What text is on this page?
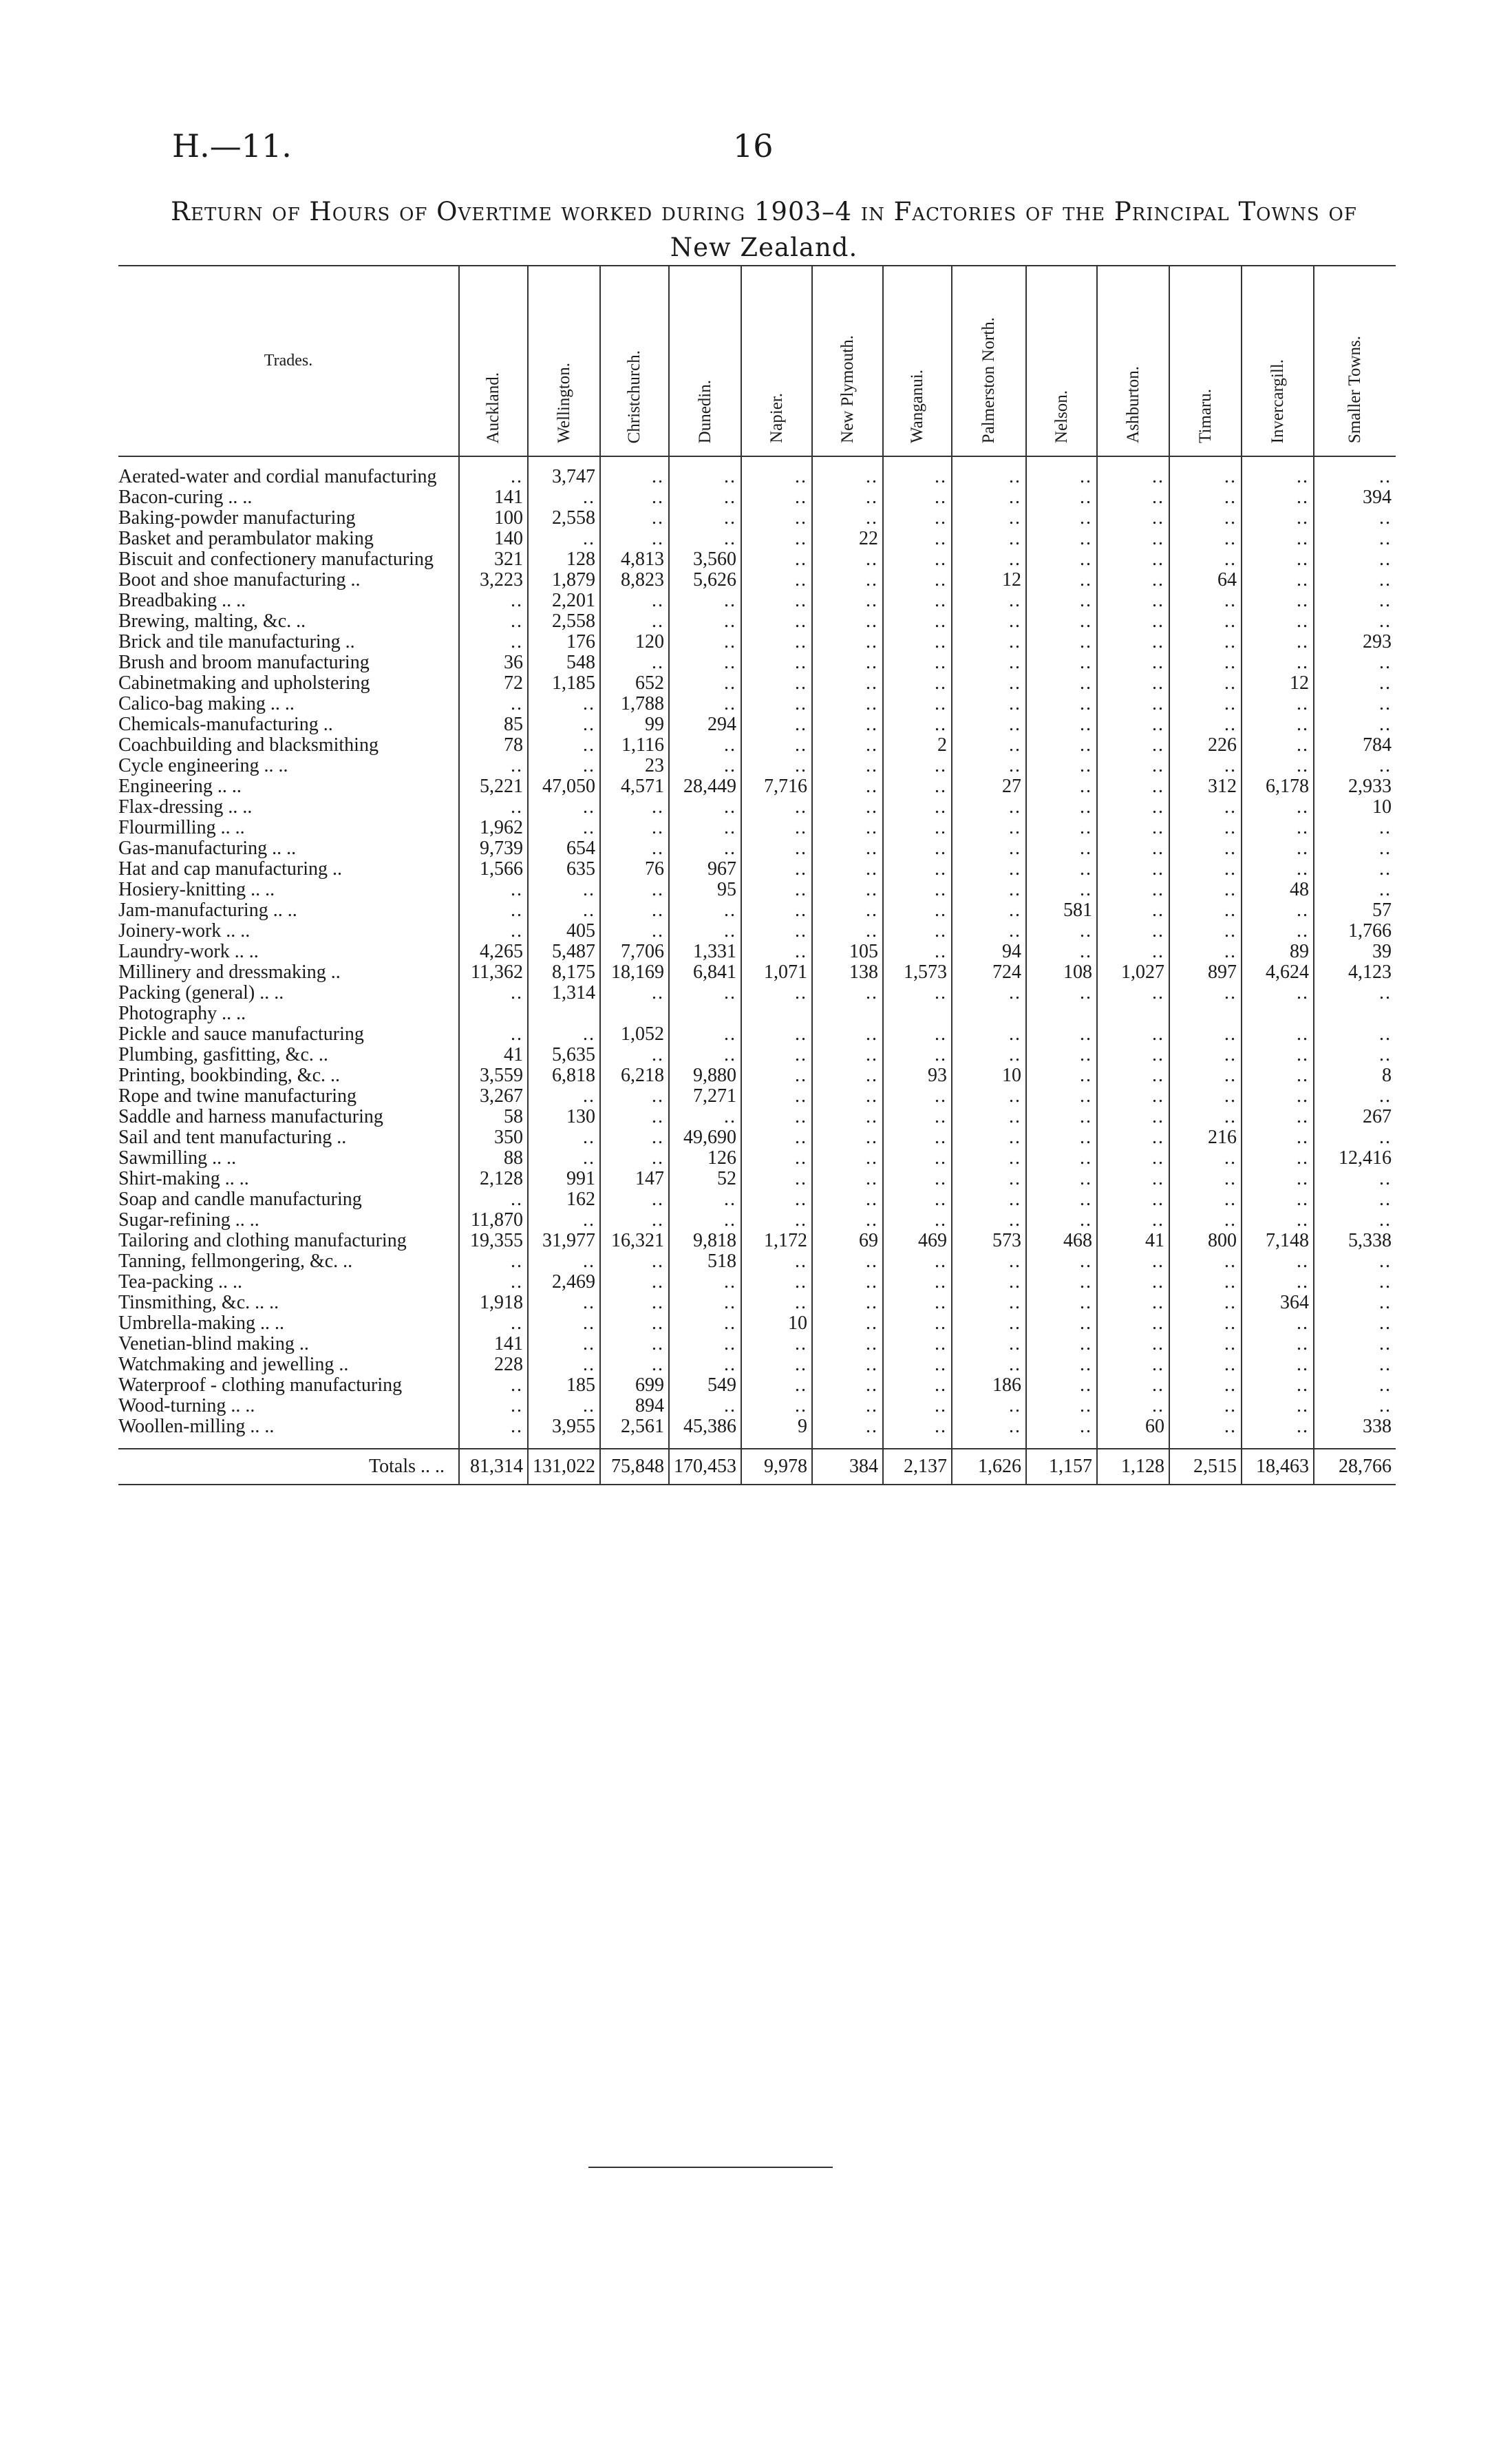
H.—11.	16
Return of Hours of Overtime worked during 1903–4 in Factories of the Principal Towns of
New Zealand.
Trades.	Auckland.	Wellington.	Christchurch.	Dunedin.	Napier.	New Plymouth.	Wanganui.	Palmerston North.	Nelson.	Ashburton.	Timaru.	Invercargill.	Smaller Towns.

Aerated-water and cordial manufacturing	..	3,747	..	..	..	..	..	..	..	..	..	..	..
Bacon-curing .. ..	141	..	..	..	..	..	..	..	..	..	..	..	394
Baking-powder manufacturing	100	2,558	..	..	..	..	..	..	..	..	..	..	..
Basket and perambulator making	140	..	..	..	..	22	..	..	..	..	..	..	..
Biscuit and confectionery manufacturing	321	128	4,813	3,560	..	..	..	..	..	..	..	..	..
Boot and shoe manufacturing ..	3,223	1,879	8,823	5,626	..	..	..	12	..	..	64	..	..
Breadbaking .. ..	..	2,201	..	..	..	..	..	..	..	..	..	..	..
Brewing, malting, &c. ..	..	2,558	..	..	..	..	..	..	..	..	..	..	..
Brick and tile manufacturing ..	..	176	120	..	..	..	..	..	..	..	..	..	293
Brush and broom manufacturing	36	548	..	..	..	..	..	..	..	..	..	..	..
Cabinetmaking and upholstering	72	1,185	652	..	..	..	..	..	..	..	..	12	..
Calico-bag making .. ..	..	..	1,788	..	..	..	..	..	..	..	..	..	..
Chemicals-manufacturing ..	85	..	99	294	..	..	..	..	..	..	..	..	..
Coachbuilding and blacksmithing	78	..	1,116	..	..	..	2	..	..	..	226	..	784
Cycle engineering .. ..	..	..	23	..	..	..	..	..	..	..	..	..	..
Engineering .. ..	5,221	47,050	4,571	28,449	7,716	..	..	27	..	..	312	6,178	2,933
Flax-dressing .. ..	..	..	..	..	..	..	..	..	..	..	..	..	10
Flourmilling .. ..	1,962	..	..	..	..	..	..	..	..	..	..	..	..
Gas-manufacturing .. ..	9,739	654	..	..	..	..	..	..	..	..	..	..	..
Hat and cap manufacturing ..	1,566	635	76	967	..	..	..	..	..	..	..	..	..
Hosiery-knitting .. ..	..	..	..	95	..	..	..	..	..	..	..	48	..
Jam-manufacturing .. ..	..	..	..	..	..	..	..	..	581	..	..	..	57
Joinery-work .. ..	..	405	..	..	..	..	..	..	..	..	..	..	1,766
Laundry-work .. ..	4,265	5,487	7,706	1,331	..	105	..	94	..	..	..	89	39
Millinery and dressmaking ..	11,362	8,175	18,169	6,841	1,071	138	1,573	724	108	1,027	897	4,624	4,123
Packing (general) .. ..	..	1,314	..	..	..	..	..	..	..	..	..	..	..
Photography .. ..													
Pickle and sauce manufacturing	..	..	1,052	..	..	..	..	..	..	..	..	..	..
Plumbing, gasfitting, &c. ..	41	5,635	..	..	..	..	..	..	..	..	..	..	..
Printing, bookbinding, &c. ..	3,559	6,818	6,218	9,880	..	..	93	10	..	..	..	..	8
Rope and twine manufacturing	3,267	..	..	7,271	..	..	..	..	..	..	..	..	..
Saddle and harness manufacturing	58	130	..	..	..	..	..	..	..	..	..	..	267
Sail and tent manufacturing ..	350	..	..	49,690	..	..	..	..	..	..	216	..	..
Sawmilling .. ..	88	..	..	126	..	..	..	..	..	..	..	..	12,416
Shirt-making .. ..	2,128	991	147	52	..	..	..	..	..	..	..	..	..
Soap and candle manufacturing	..	162	..	..	..	..	..	..	..	..	..	..	..
Sugar-refining .. ..	11,870	..	..	..	..	..	..	..	..	..	..	..	..
Tailoring and clothing manufacturing	19,355	31,977	16,321	9,818	1,172	69	469	573	468	41	800	7,148	5,338
Tanning, fellmongering, &c. ..	..	..	..	518	..	..	..	..	..	..	..	..	..
Tea-packing .. ..	..	2,469	..	..	..	..	..	..	..	..	..	..	..
Tinsmithing, &c. .. ..	1,918	..	..	..	..	..	..	..	..	..	..	364	..
Umbrella-making .. ..	..	..	..	..	10	..	..	..	..	..	..	..	..
Venetian-blind making ..	141	..	..	..	..	..	..	..	..	..	..	..	..
Watchmaking and jewelling ..	228	..	..	..	..	..	..	..	..	..	..	..	..
Waterproof - clothing manufacturing	..	185	699	549	..	..	..	186	..	..	..	..	..
Wood-turning .. ..	..	..	894	..	..	..	..	..	..	..	..	..	..
Woollen-milling .. ..	..	3,955	2,561	45,386	9	..	..	..	..	60	..	..	338
Totals .. ..	81,314	131,022	75,848	170,453	9,978	384	2,137	1,626	1,157	1,128	2,515	18,463	28,766
